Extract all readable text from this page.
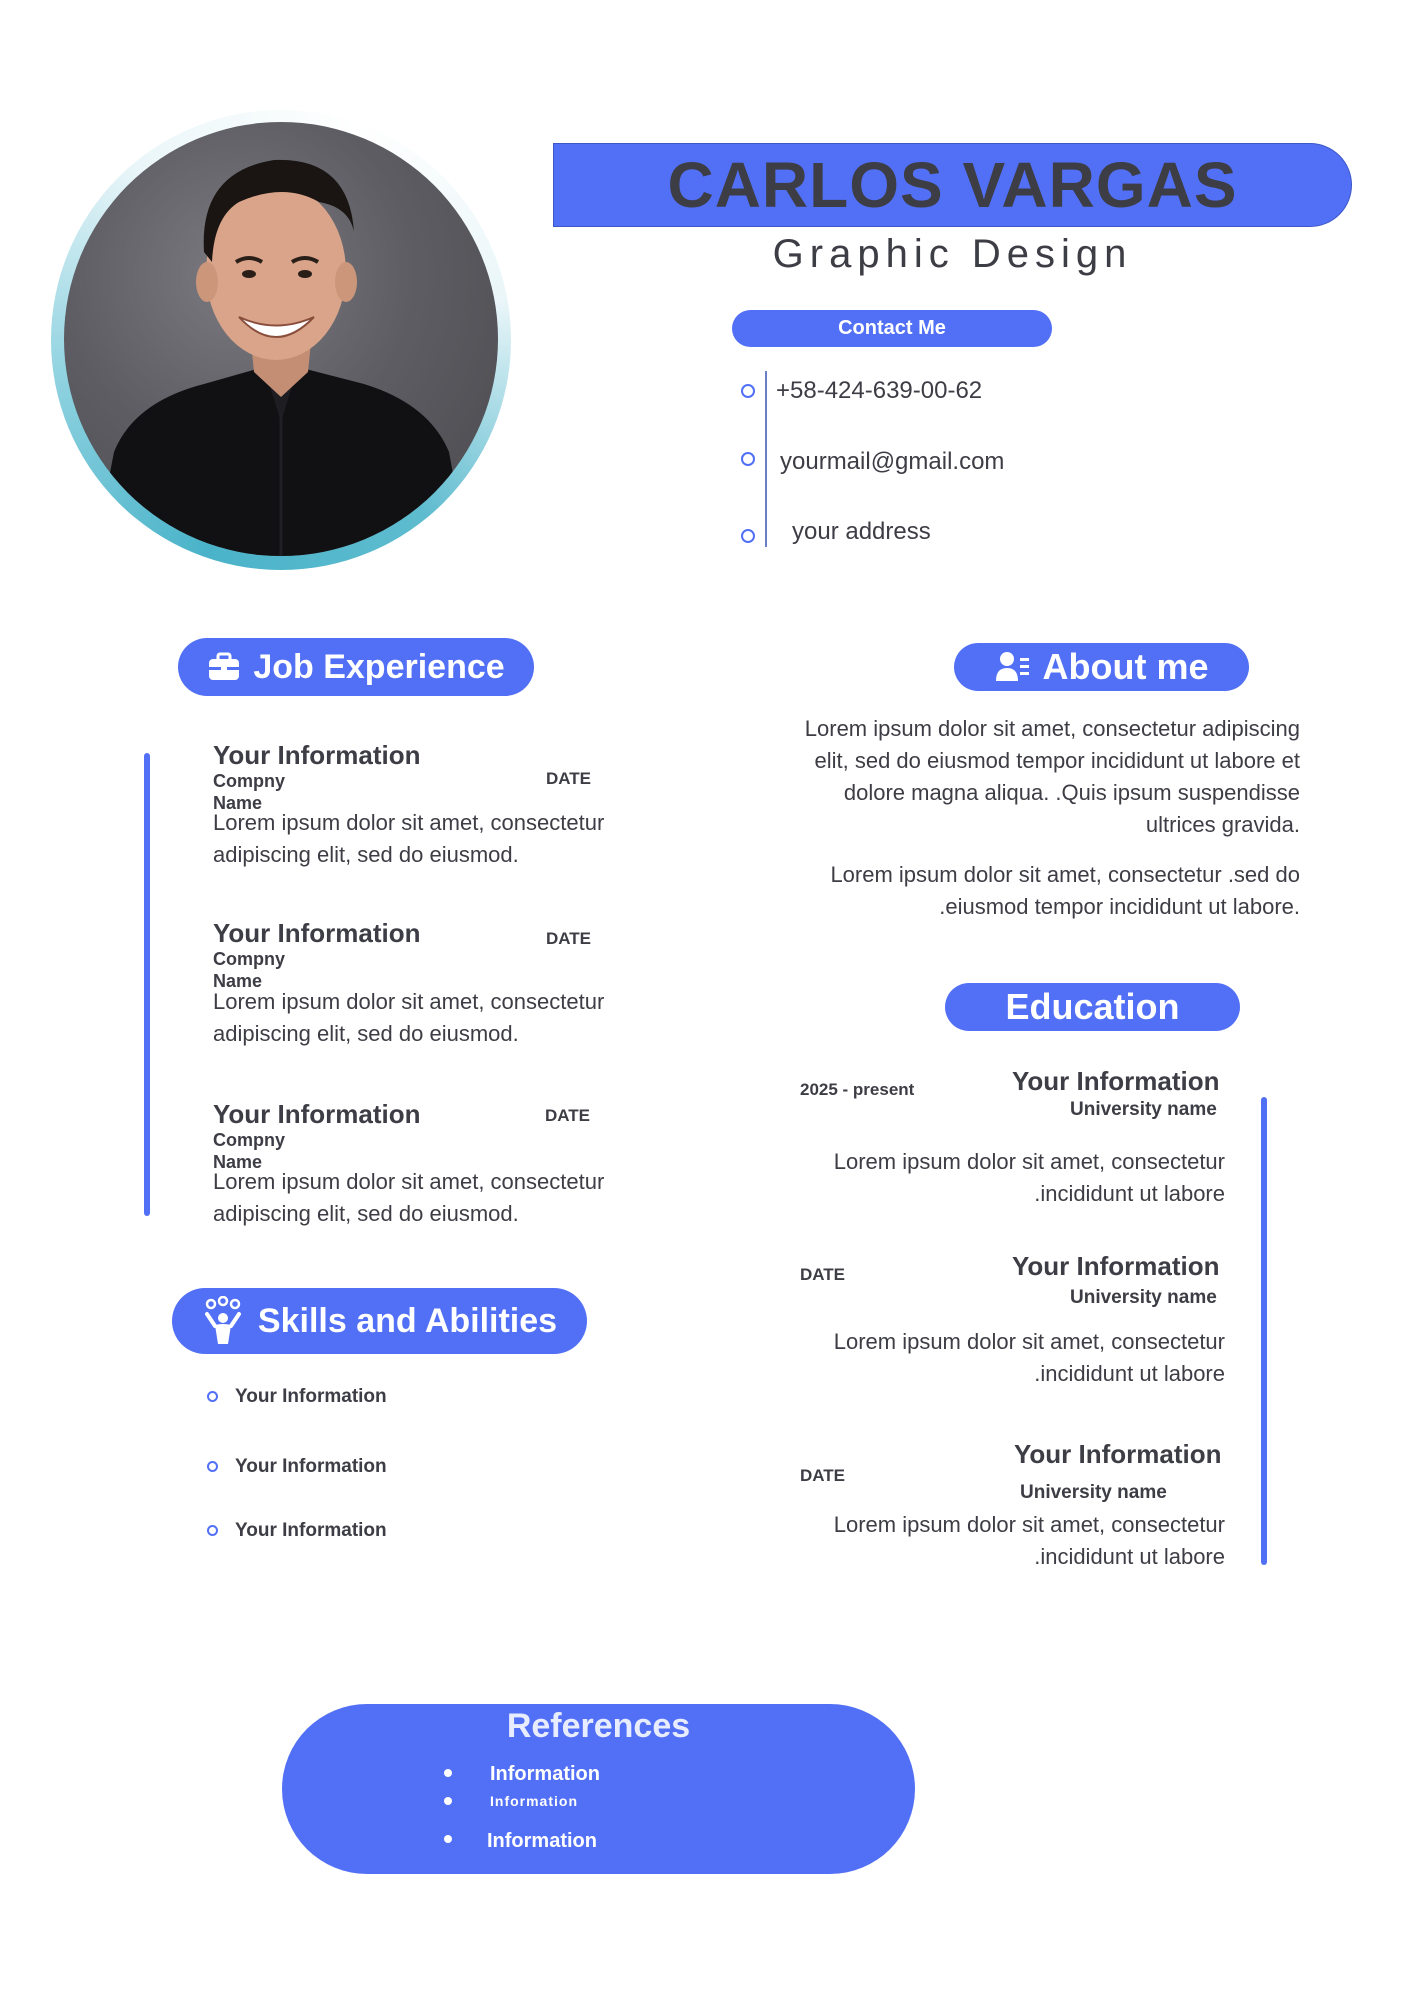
CARLOS VARGAS
Graphic Design
Contact Me
+58-424-639-00-62
yourmail@gmail.com
your address
Job Experience
Your Information
Compny Name
DATE
Lorem ipsum dolor sit amet, consectetur adipiscing elit, sed do eiusmod.
Your Information
Compny Name
DATE
Lorem ipsum dolor sit amet, consectetur adipiscing elit, sed do eiusmod.
Your Information
Compny Name
DATE
Lorem ipsum dolor sit amet, consectetur adipiscing elit, sed do eiusmod.
About me
Lorem ipsum dolor sit amet, consectetur adipiscing elit, sed do eiusmod tempor incididunt ut labore et dolore magna aliqua. .Quis ipsum suspendisse ultrices gravida.
Lorem ipsum dolor sit amet, consectetur .sed do .eiusmod tempor incididunt ut labore.
Education
2025 - present	Your Information
University name
Lorem ipsum dolor sit amet, consectetur .incididunt ut labore
DATE	Your Information
University name
Lorem ipsum dolor sit amet, consectetur .incididunt ut labore
DATE
Your Information
University name
Lorem ipsum dolor sit amet, consectetur .incididunt ut labore
Skills and Abilities
Your Information
Your Information
Your Information
References
Information
Information
Information
